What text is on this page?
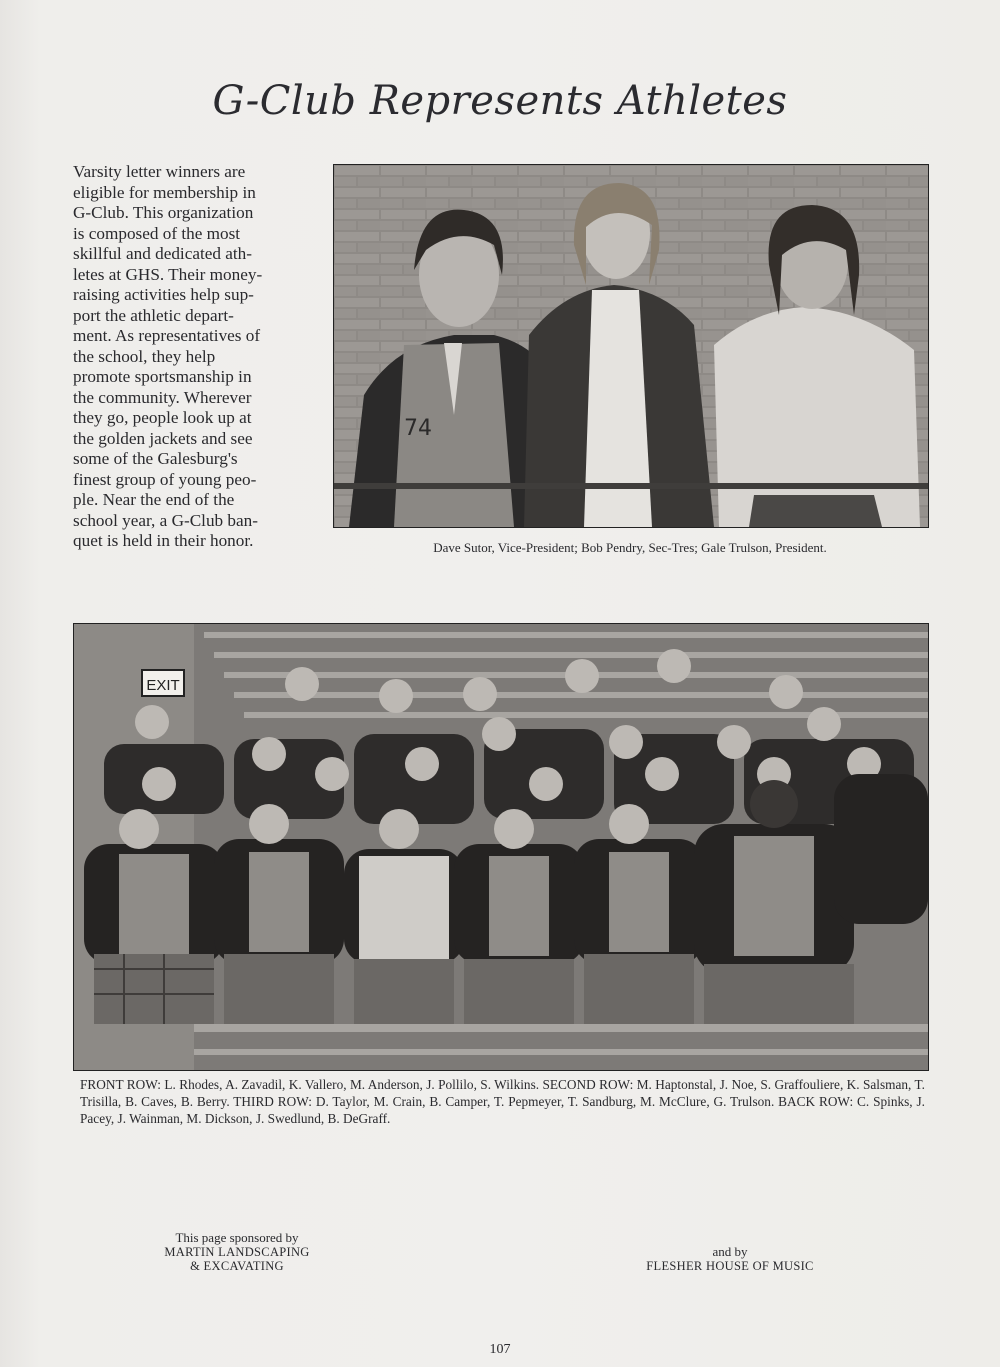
G-Club Represents Athletes
Varsity letter winners are
eligible for membership in
G-Club. This organization
is composed of the most
skillful and dedicated ath-
letes at GHS. Their money-
raising activities help sup-
port the athletic depart-
ment. As representatives of
the school, they help
promote sportsmanship in
the community. Wherever
they go, people look up at
the golden jackets and see
some of the Galesburg's
finest group of young peo-
ple. Near the end of the
school year, a G-Club ban-
quet is held in their honor.
74
Dave Sutor, Vice-President; Bob Pendry, Sec-Tres; Gale Trulson, President.
EXIT
FRONT ROW: L. Rhodes, A. Zavadil, K. Vallero, M. Anderson, J. Pollilo, S. Wilkins. SECOND ROW: M. Haptonstal, J. Noe, S. Graffouliere, K. Salsman, T. Trisilla, B. Caves, B. Berry. THIRD ROW: D. Taylor, M. Crain, B. Camper, T. Pepmeyer, T. Sandburg, M. McClure, G. Trulson. BACK ROW: C. Spinks, J. Pacey, J. Wainman, M. Dickson, J. Swedlund, B. DeGraff.
This page sponsored by
MARTIN LANDSCAPING
& EXCAVATING
and by
FLESHER HOUSE OF MUSIC
107
